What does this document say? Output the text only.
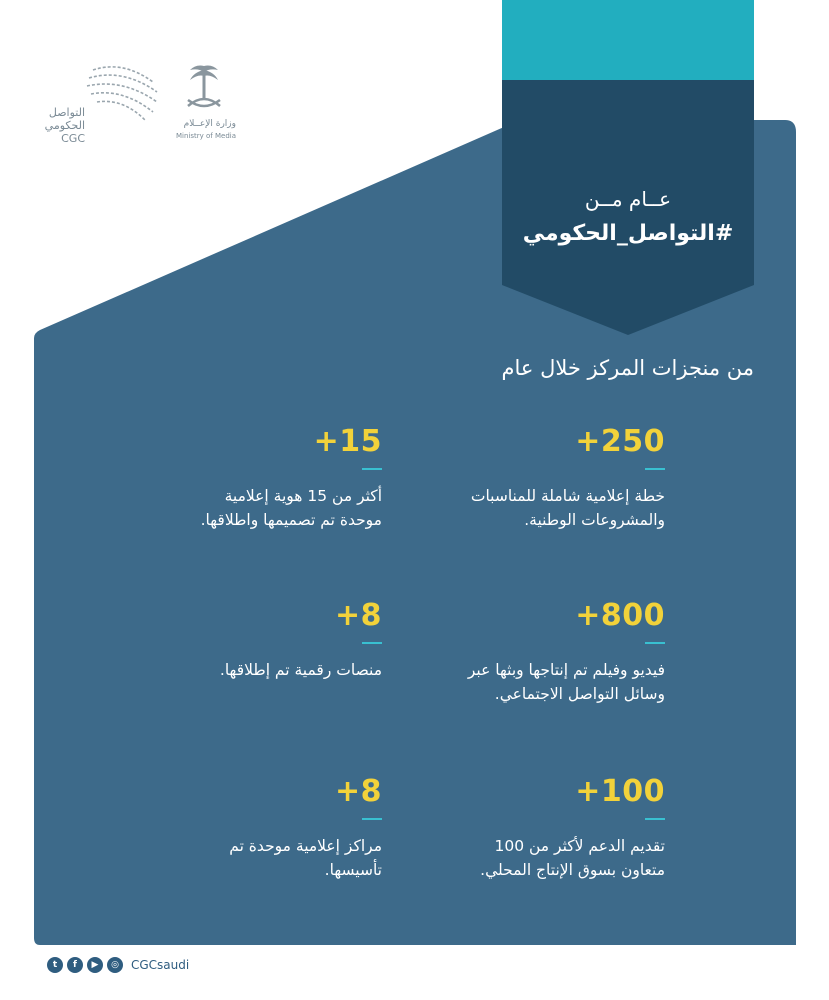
التواصل
الحكومي
CGC
وزارة الإعــلام
Ministry of Media
عــام مــن
#التواصل_الحكومي
من منجزات المركز خلال عام
+250
خطة إعلامية شاملة للمناسبات والمشروعات الوطنية.
+800
فيديو وفيلم تم إنتاجها وبثها عبر وسائل التواصل الاجتماعي.
+100
تقديم الدعم لأكثر من 100 متعاون بسوق الإنتاج المحلي.
+15
أكثر من 15 هوية إعلامية موحدة تم تصميمها واطلاقها.
+8
منصات رقمية تم إطلاقها.
+8
مراكز إعلامية موحدة تم تأسيسها.
t	f	▶	◎	CGCsaudi
